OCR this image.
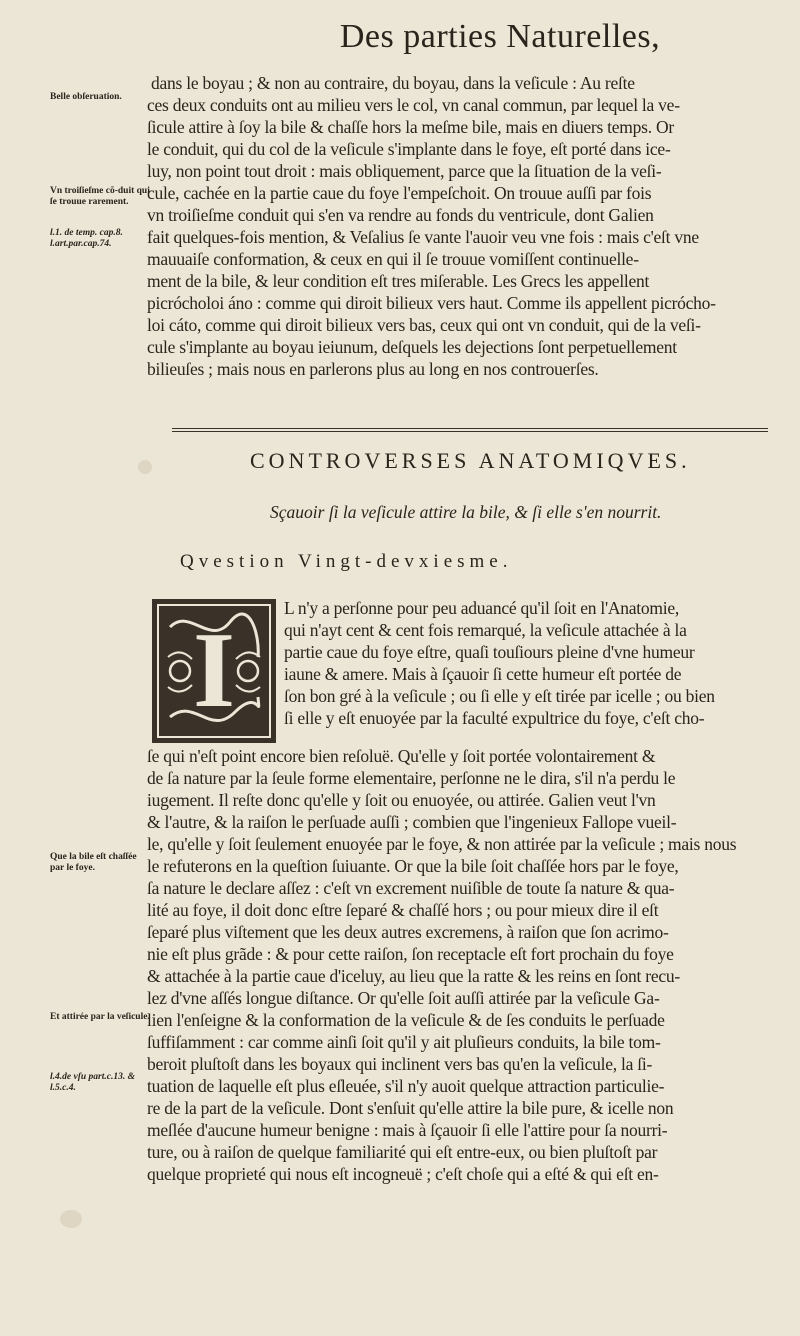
Des parties Naturelles,
Belle obſeruation.
Vn troiſieſme cõ-duit qui ſe trouue rarement.
l.1. de temp. cap.8. l.art.par.cap.74.
Que la bile eſt chaſſée par le foye.
Et attirée par la veſicule.
l.4.de vſu part.c.13. & l.5.c.4.
dans le boyau ; & non au contraire, du boyau, dans la veſicule : Au reſte
ces deux conduits ont au milieu vers le col, vn canal commun, par lequel la ve-
ſicule attire à ſoy la bile & chaſſe hors la meſme bile, mais en diuers temps. Or
le conduit, qui du col de la veſicule s'implante dans le foye, eſt porté dans ice-
luy, non point tout droit : mais obliquement, parce que la ſituation de la veſi-
cule, cachée en la partie caue du foye l'empeſchoit. On trouue auſſi par fois
vn troiſieſme conduit qui s'en va rendre au fonds du ventricule, dont Galien
fait quelques-fois mention, & Veſalius ſe vante l'auoir veu vne fois : mais c'eſt vne
mauuaiſe conformation, & ceux en qui il ſe trouue vomiſſent continuelle-
ment de la bile, & leur condition eſt tres miſerable. Les Grecs les appellent
picrócholoi áno : comme qui diroit bilieux vers haut. Comme ils appellent picrócho-
loi cáto, comme qui diroit bilieux vers bas, ceux qui ont vn conduit, qui de la veſi-
cule s'implante au boyau ieiunum, deſquels les dejections ſont perpetuellement
bilieuſes ; mais nous en parlerons plus au long en nos controuerſes.
CONTROVERSES ANATOMIQVES.
Sçauoir ſi la veſicule attire la bile, & ſi elle s'en nourrit.
Qvestion Vingt-devxiesme.
I
L n'y a perſonne pour peu aduancé qu'il ſoit en l'Anatomie,
qui n'ayt cent & cent fois remarqué, la veſicule attachée à la
partie caue du foye eſtre, quaſi touſiours pleine d'vne humeur
iaune & amere. Mais à ſçauoir ſi cette humeur eſt portée de
ſon bon gré à la veſicule ; ou ſi elle y eſt tirée par icelle ; ou bien
ſi elle y eſt enuoyée par la faculté expultrice du foye, c'eſt cho-
ſe qui n'eſt point encore bien reſoluë. Qu'elle y ſoit portée volontairement &
de ſa nature par la ſeule forme elementaire, perſonne ne le dira, s'il n'a perdu le
iugement. Il reſte donc qu'elle y ſoit ou enuoyée, ou attirée. Galien veut l'vn
& l'autre, & la raiſon le perſuade auſſi ; combien que l'ingenieux Fallope vueil-
le, qu'elle y ſoit ſeulement enuoyée par le foye, & non attirée par la veſicule ; mais nous
le refuterons en la queſtion ſuiuante. Or que la bile ſoit chaſſée hors par le foye,
ſa nature le declare aſſez : c'eſt vn excrement nuiſible de toute ſa nature & qua-
lité au foye, il doit donc eſtre ſeparé & chaſſé hors ; ou pour mieux dire il eſt
ſeparé plus viſtement que les deux autres excremens, à raiſon que ſon acrimo-
nie eſt plus grãde : & pour cette raiſon, ſon receptacle eſt fort prochain du foye
& attachée à la partie caue d'iceluy, au lieu que la ratte & les reins en ſont recu-
lez d'vne aſſés longue diſtance. Or qu'elle ſoit auſſi attirée par la veſicule Ga-
lien l'enſeigne & la conformation de la veſicule & de ſes conduits le perſuade
ſuffiſamment : car comme ainſi ſoit qu'il y ait pluſieurs conduits, la bile tom-
beroit pluſtoſt dans les boyaux qui inclinent vers bas qu'en la veſicule, la ſi-
tuation de laquelle eſt plus eſleuée, s'il n'y auoit quelque attraction particulie-
re de la part de la veſicule. Dont s'enſuit qu'elle attire la bile pure, & icelle non
meſlée d'aucune humeur benigne : mais à ſçauoir ſi elle l'attire pour ſa nourri-
ture, ou à raiſon de quelque familiarité qui eſt entre-eux, ou bien pluſtoſt par
quelque proprieté qui nous eſt incogneuë ; c'eſt choſe qui a eſté & qui eſt en-
